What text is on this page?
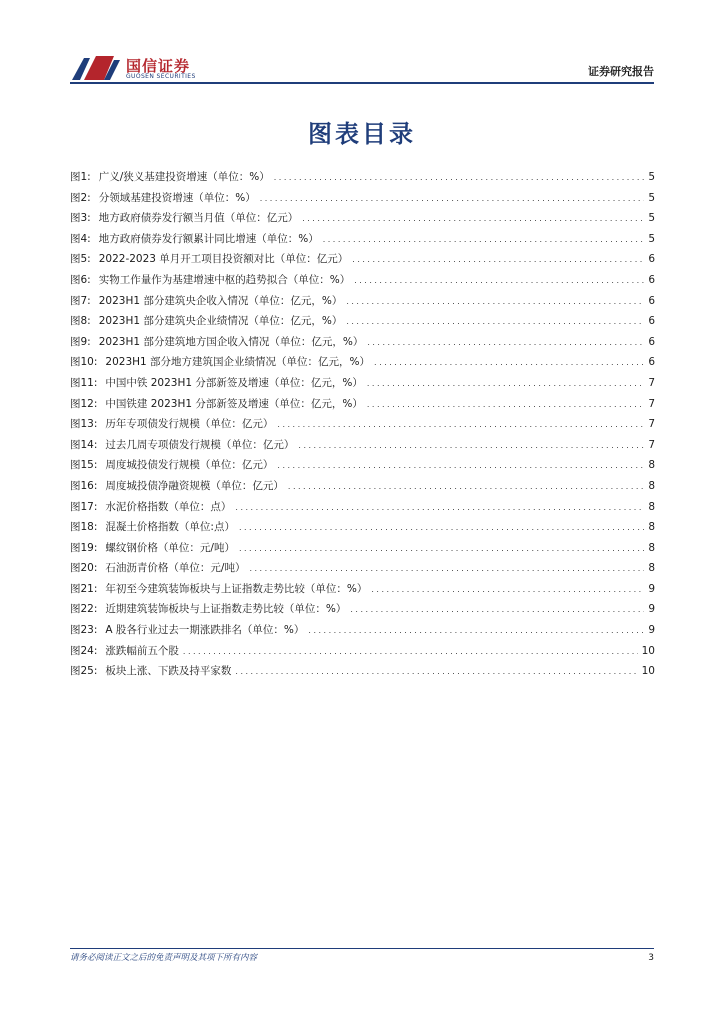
国信证券
GUOSEN SECURITIES	证券研究报告
图表目录
图1: 广义/狭义基建投资增速（单位：%） .....	5
图2: 分领域基建投资增速（单位：%） .....	5
图3: 地方政府债券发行额当月值（单位：亿元） .....	5
图4: 地方政府债券发行额累计同比增速（单位：%） .....	5
图5: 2022-2023 单月开工项目投资额对比（单位：亿元） .....	6
图6: 实物工作量作为基建增速中枢的趋势拟合（单位：%） .....	6
图7: 2023H1 部分建筑央企收入情况（单位：亿元，%） .....	6
图8: 2023H1 部分建筑央企业绩情况（单位：亿元，%） .....	6
图9: 2023H1 部分建筑地方国企收入情况（单位：亿元，%） .....	6
图10: 2023H1 部分地方建筑国企业绩情况（单位：亿元，%） .....	6
图11: 中国中铁 2023H1 分部新签及增速（单位：亿元，%） .....	7
图12: 中国铁建 2023H1 分部新签及增速（单位：亿元，%） .....	7
图13: 历年专项债发行规模（单位：亿元） .....	7
图14: 过去几周专项债发行规模（单位：亿元） .....	7
图15: 周度城投债发行规模（单位：亿元） .....	8
图16: 周度城投债净融资规模（单位：亿元） .....	8
图17: 水泥价格指数（单位：点） .....	8
图18: 混凝土价格指数（单位:点） .....	8
图19: 螺纹钢价格（单位：元/吨） .....	8
图20: 石油沥青价格（单位：元/吨） .....	8
图21: 年初至今建筑装饰板块与上证指数走势比较（单位：%） .....	9
图22: 近期建筑装饰板块与上证指数走势比较（单位：%） .....	9
图23: A 股各行业过去一期涨跌排名（单位：%） .....	9
图24: 涨跌幅前五个股 .....	10
图25: 板块上涨、下跌及持平家数 .....	10
请务必阅读正文之后的免责声明及其项下所有内容	3
